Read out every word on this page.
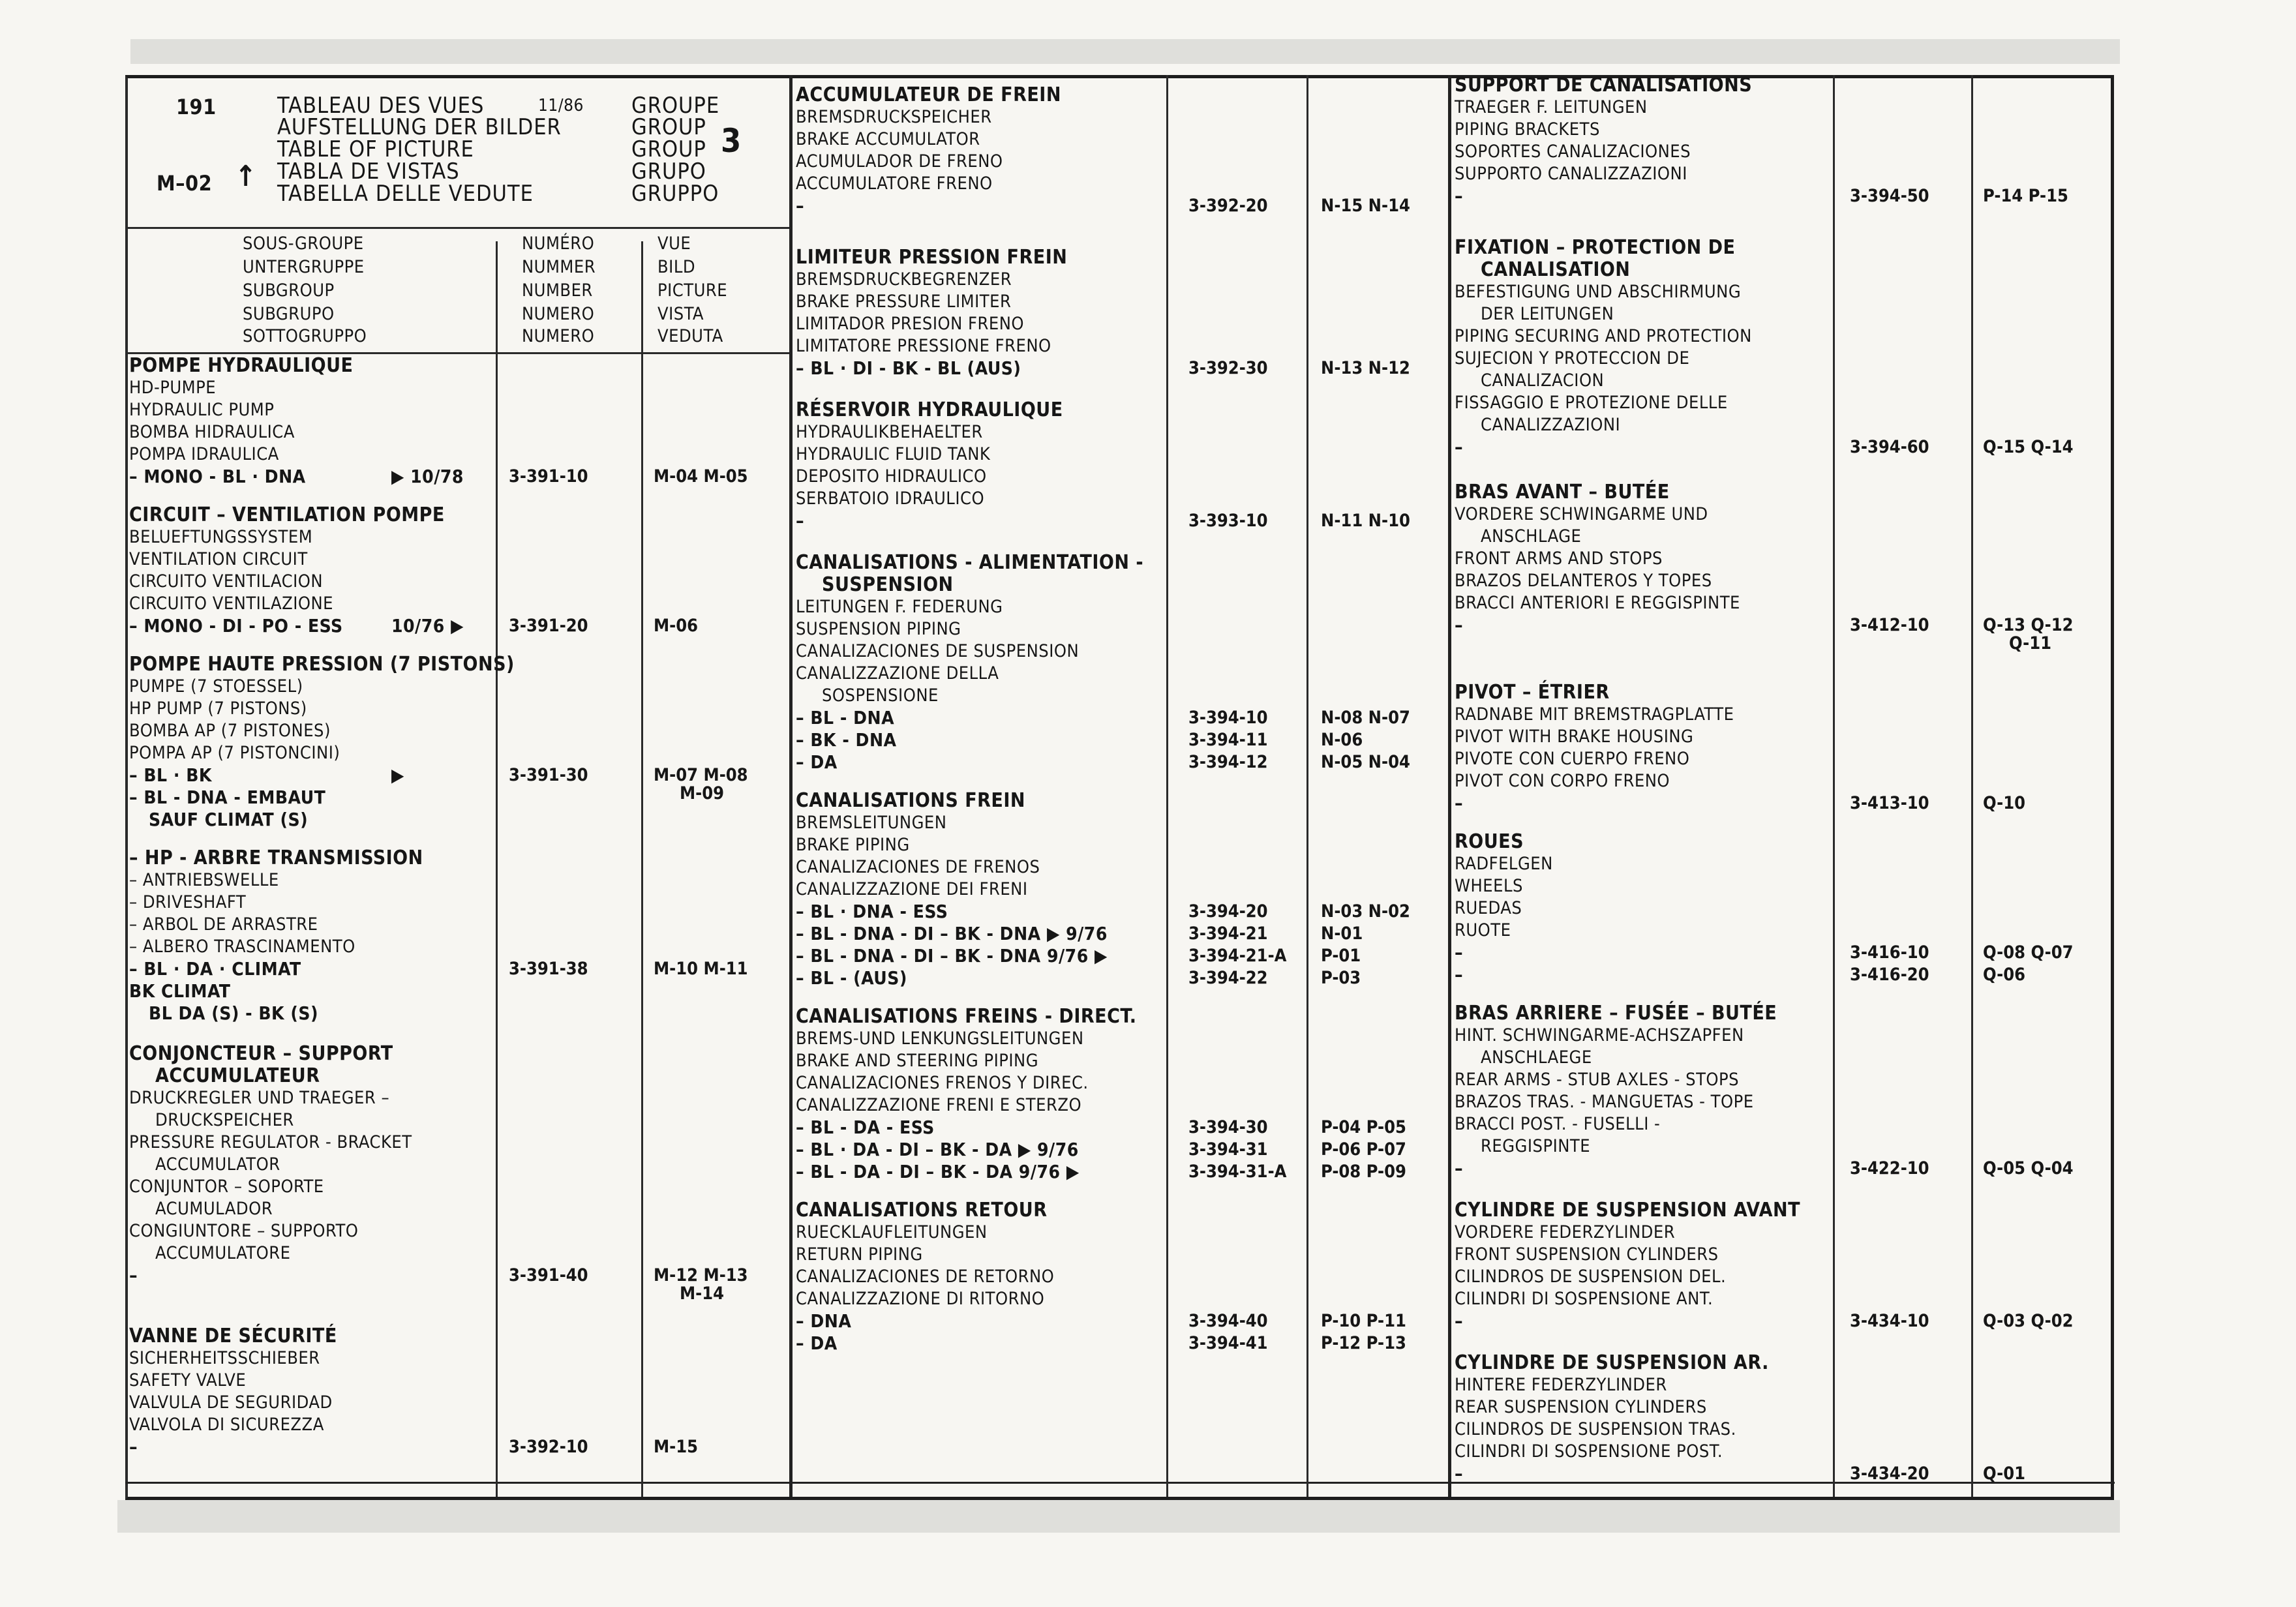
191
M–02 ↑
11/86
TABLEAU DES VUES
AUFSTELLUNG DER BILDER
TABLE OF PICTURE
TABLA DE VISTAS
TABELLA DELLE VEDUTE
GROUPE
GROUP
GROUP
GRUPO
GRUPPO
3
SOUS-GROUPE
UNTERGRUPPE
SUBGROUP
SUBGRUPO
SOTTOGRUPPO
NUMÉRO
NUMMER
NUMBER
NUMERO
NUMERO
VUE
BILD
PICTURE
VISTA
VEDUTA
POMPE HYDRAULIQUE
HD-PUMPE
HYDRAULIC PUMP
BOMBA HIDRAULICA
POMPA IDRAULICA
– MONO - BL · DNA	▶ 10/78	3-391-10	M-04 M-05
CIRCUIT – VENTILATION POMPE
BELUEFTUNGSSYSTEM
VENTILATION CIRCUIT
CIRCUITO VENTILACION
CIRCUITO VENTILAZIONE
– MONO - DI - PO - ESS	10/76 ▶	3-391-20	M-06
POMPE HAUTE PRESSION (7 PISTONS)
PUMPE (7 STOESSEL)
HP PUMP (7 PISTONS)
BOMBA AP (7 PISTONES)
POMPA AP (7 PISTONCINI)
– BL · BK	▶	3-391-30	M-07 M-08
– BL - DNA - EMBAUT	M-09
SAUF CLIMAT (S)
– HP - ARBRE TRANSMISSION
– ANTRIEBSWELLE
– DRIVESHAFT
– ARBOL DE ARRASTRE
– ALBERO TRASCINAMENTO
– BL · DA · CLIMAT	3-391-38	M-10 M-11
BK CLIMAT
BL DA (S) - BK (S)
CONJONCTEUR – SUPPORT
ACCUMULATEUR
DRUCKREGLER UND TRAEGER –
DRUCKSPEICHER
PRESSURE REGULATOR - BRACKET
ACCUMULATOR
CONJUNTOR – SOPORTE
ACUMULADOR
CONGIUNTORE – SUPPORTO
ACCUMULATORE
–	3-391-40	M-12 M-13
M-14
VANNE DE SÉCURITÉ
SICHERHEITSSCHIEBER
SAFETY VALVE
VALVULA DE SEGURIDAD
VALVOLA DI SICUREZZA
–	3-392-10	M-15
ACCUMULATEUR DE FREIN
BREMSDRUCKSPEICHER
BRAKE ACCUMULATOR
ACUMULADOR DE FRENO
ACCUMULATORE FRENO
–	3-392-20	N-15 N-14
LIMITEUR PRESSION FREIN
BREMSDRUCKBEGRENZER
BRAKE PRESSURE LIMITER
LIMITADOR PRESION FRENO
LIMITATORE PRESSIONE FRENO
– BL · DI - BK - BL (AUS)	3-392-30	N-13 N-12
RÉSERVOIR HYDRAULIQUE
HYDRAULIKBEHAELTER
HYDRAULIC FLUID TANK
DEPOSITO HIDRAULICO
SERBATOIO IDRAULICO
–	3-393-10	N-11 N-10
CANALISATIONS - ALIMENTATION -
SUSPENSION
LEITUNGEN F. FEDERUNG
SUSPENSION PIPING
CANALIZACIONES DE SUSPENSION
CANALIZZAZIONE DELLA
SOSPENSIONE
– BL - DNA	3-394-10	N-08 N-07
– BK - DNA	3-394-11	N-06
– DA	3-394-12	N-05 N-04
CANALISATIONS FREIN
BREMSLEITUNGEN
BRAKE PIPING
CANALIZACIONES DE FRENOS
CANALIZZAZIONE DEI FRENI
– BL · DNA - ESS	3-394-20	N-03 N-02
– BL - DNA - DI – BK - DNA ▶ 9/76	3-394-21	N-01
– BL - DNA - DI – BK - DNA 9/76 ▶	3-394-21-A P-01
– BL - (AUS)	3-394-22	P-03
CANALISATIONS FREINS - DIRECT.
BREMS-UND LENKUNGSLEITUNGEN
BRAKE AND STEERING PIPING
CANALIZACIONES FRENOS Y DIREC.
CANALIZZAZIONE FRENI E STERZO
– BL - DA - ESS	3-394-30	P-04 P-05
– BL · DA - DI – BK - DA ▶ 9/76	3-394-31	P-06 P-07
– BL - DA - DI – BK - DA 9/76 ▶	3-394-31-A P-08 P-09
CANALISATIONS RETOUR
RUECKLAUFLEITUNGEN
RETURN PIPING
CANALIZACIONES DE RETORNO
CANALIZZAZIONE DI RITORNO
– DNA	3-394-40	P-10 P-11
– DA	3-394-41	P-12 P-13
SUPPORT DE CANALISATIONS
TRAEGER F. LEITUNGEN
PIPING BRACKETS
SOPORTES CANALIZACIONES
SUPPORTO CANALIZZAZIONI
–	3-394-50	P-14 P-15
FIXATION – PROTECTION DE
CANALISATION
BEFESTIGUNG UND ABSCHIRMUNG
DER LEITUNGEN
PIPING SECURING AND PROTECTION
SUJECION Y PROTECCION DE
CANALIZACION
FISSAGGIO E PROTEZIONE DELLE
CANALIZZAZIONI
–	3-394-60	Q-15 Q-14
BRAS AVANT – BUTÉE
VORDERE SCHWINGARME UND
ANSCHLAGE
FRONT ARMS AND STOPS
BRAZOS DELANTEROS Y TOPES
BRACCI ANTERIORI E REGGISPINTE
–	3-412-10	Q-13 Q-12
Q-11
PIVOT – ÉTRIER
RADNABE MIT BREMSTRAGPLATTE
PIVOT WITH BRAKE HOUSING
PIVOTE CON CUERPO FRENO
PIVOT CON CORPO FRENO
–	3-413-10	Q-10
ROUES
RADFELGEN
WHEELS
RUEDAS
RUOTE
–	3-416-10	Q-08 Q-07
–	3-416-20	Q-06
BRAS ARRIERE – FUSÉE – BUTÉE
HINT. SCHWINGARME-ACHSZAPFEN
ANSCHLAEGE
REAR ARMS - STUB AXLES - STOPS
BRAZOS TRAS. - MANGUETAS - TOPE
BRACCI POST. - FUSELLI -
REGGISPINTE
–	3-422-10	Q-05 Q-04
CYLINDRE DE SUSPENSION AVANT
VORDERE FEDERZYLINDER
FRONT SUSPENSION CYLINDERS
CILINDROS DE SUSPENSION DEL.
CILINDRI DI SOSPENSIONE ANT.
–	3-434-10	Q-03 Q-02
CYLINDRE DE SUSPENSION AR.
HINTERE FEDERZYLINDER
REAR SUSPENSION CYLINDERS
CILINDROS DE SUSPENSION TRAS.
CILINDRI DI SOSPENSIONE POST.
–	3-434-20	Q-01
